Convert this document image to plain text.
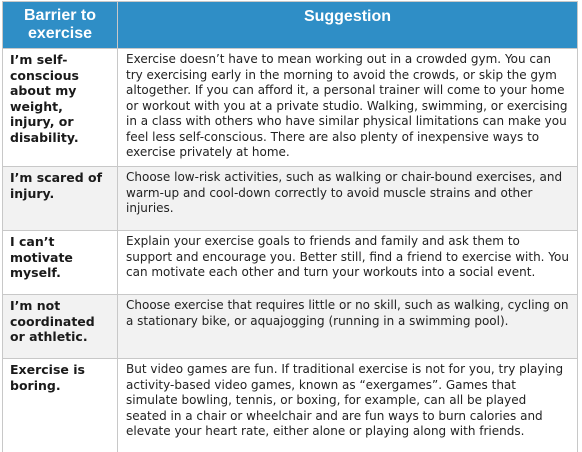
Barrier to exercise	Suggestion
I’m self-conscious about my weight, injury, or disability.	Exercise doesn’t have to mean working out in a crowded gym. You can try exercising early in the morning to avoid the crowds, or skip the gym altogether. If you can afford it, a personal trainer will come to your home or workout with you at a private studio. Walking, swimming, or exercising in a class with others who have similar physical limitations can make you feel less self-conscious. There are also plenty of inexpensive ways to exercise privately at home.
I’m scared of injury.	Choose low-risk activities, such as walking or chair-bound exercises, and warm-up and cool-down correctly to avoid muscle strains and other injuries.
I can’t motivate myself.	Explain your exercise goals to friends and family and ask them to support and encourage you. Better still, find a friend to exercise with. You can motivate each other and turn your workouts into a social event.
I’m not coordinated or athletic.	Choose exercise that requires little or no skill, such as walking, cycling on a stationary bike, or aquajogging (running in a swimming pool).
Exercise is boring.	But video games are fun. If traditional exercise is not for you, try playing activity-based video games, known as “exergames”. Games that simulate bowling, tennis, or boxing, for example, can all be played seated in a chair or wheelchair and are fun ways to burn calories and elevate your heart rate, either alone or playing along with friends.
